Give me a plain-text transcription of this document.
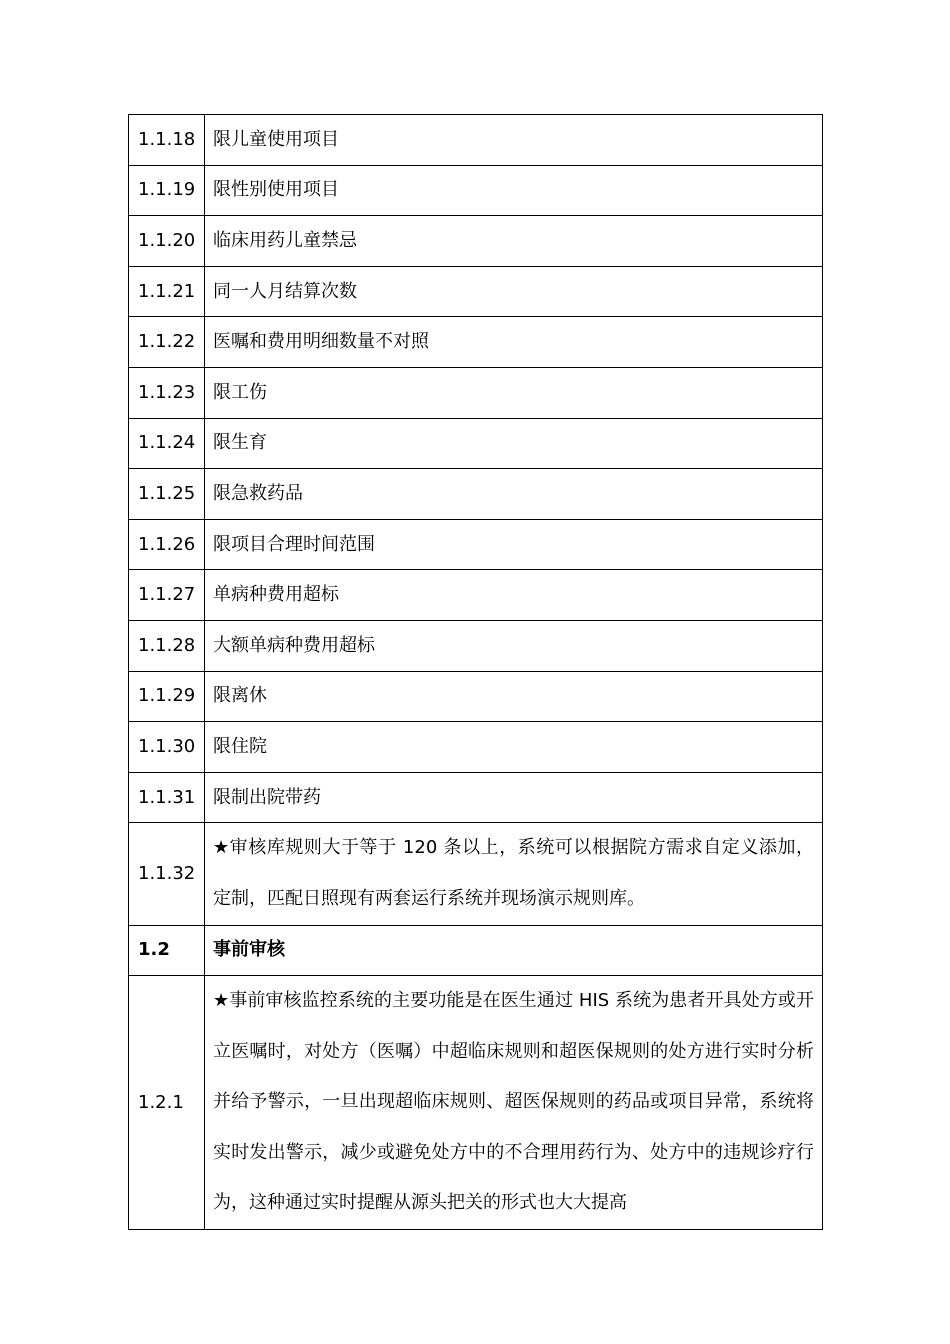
1.1.18	限儿童使用项目
1.1.19	限性别使用项目
1.1.20	临床用药儿童禁忌
1.1.21	同一人月结算次数
1.1.22	医嘱和费用明细数量不对照
1.1.23	限工伤
1.1.24	限生育
1.1.25	限急救药品
1.1.26	限项目合理时间范围
1.1.27	单病种费用超标
1.1.28	大额单病种费用超标
1.1.29	限离休
1.1.30	限住院
1.1.31	限制出院带药
1.1.32	★审核库规则大于等于 120 条以上，系统可以根据院方需求自定义添加，定制，匹配日照现有两套运行系统并现场演示规则库。
1.2	事前审核
1.2.1	★事前审核监控系统的主要功能是在医生通过 HIS 系统为患者开具处方或开立医嘱时，对处方（医嘱）中超临床规则和超医保规则的处方进行实时分析并给予警示，一旦出现超临床规则、超医保规则的药品或项目异常，系统将实时发出警示，减少或避免处方中的不合理用药行为、处方中的违规诊疗行为，这种通过实时提醒从源头把关的形式也大大提高
